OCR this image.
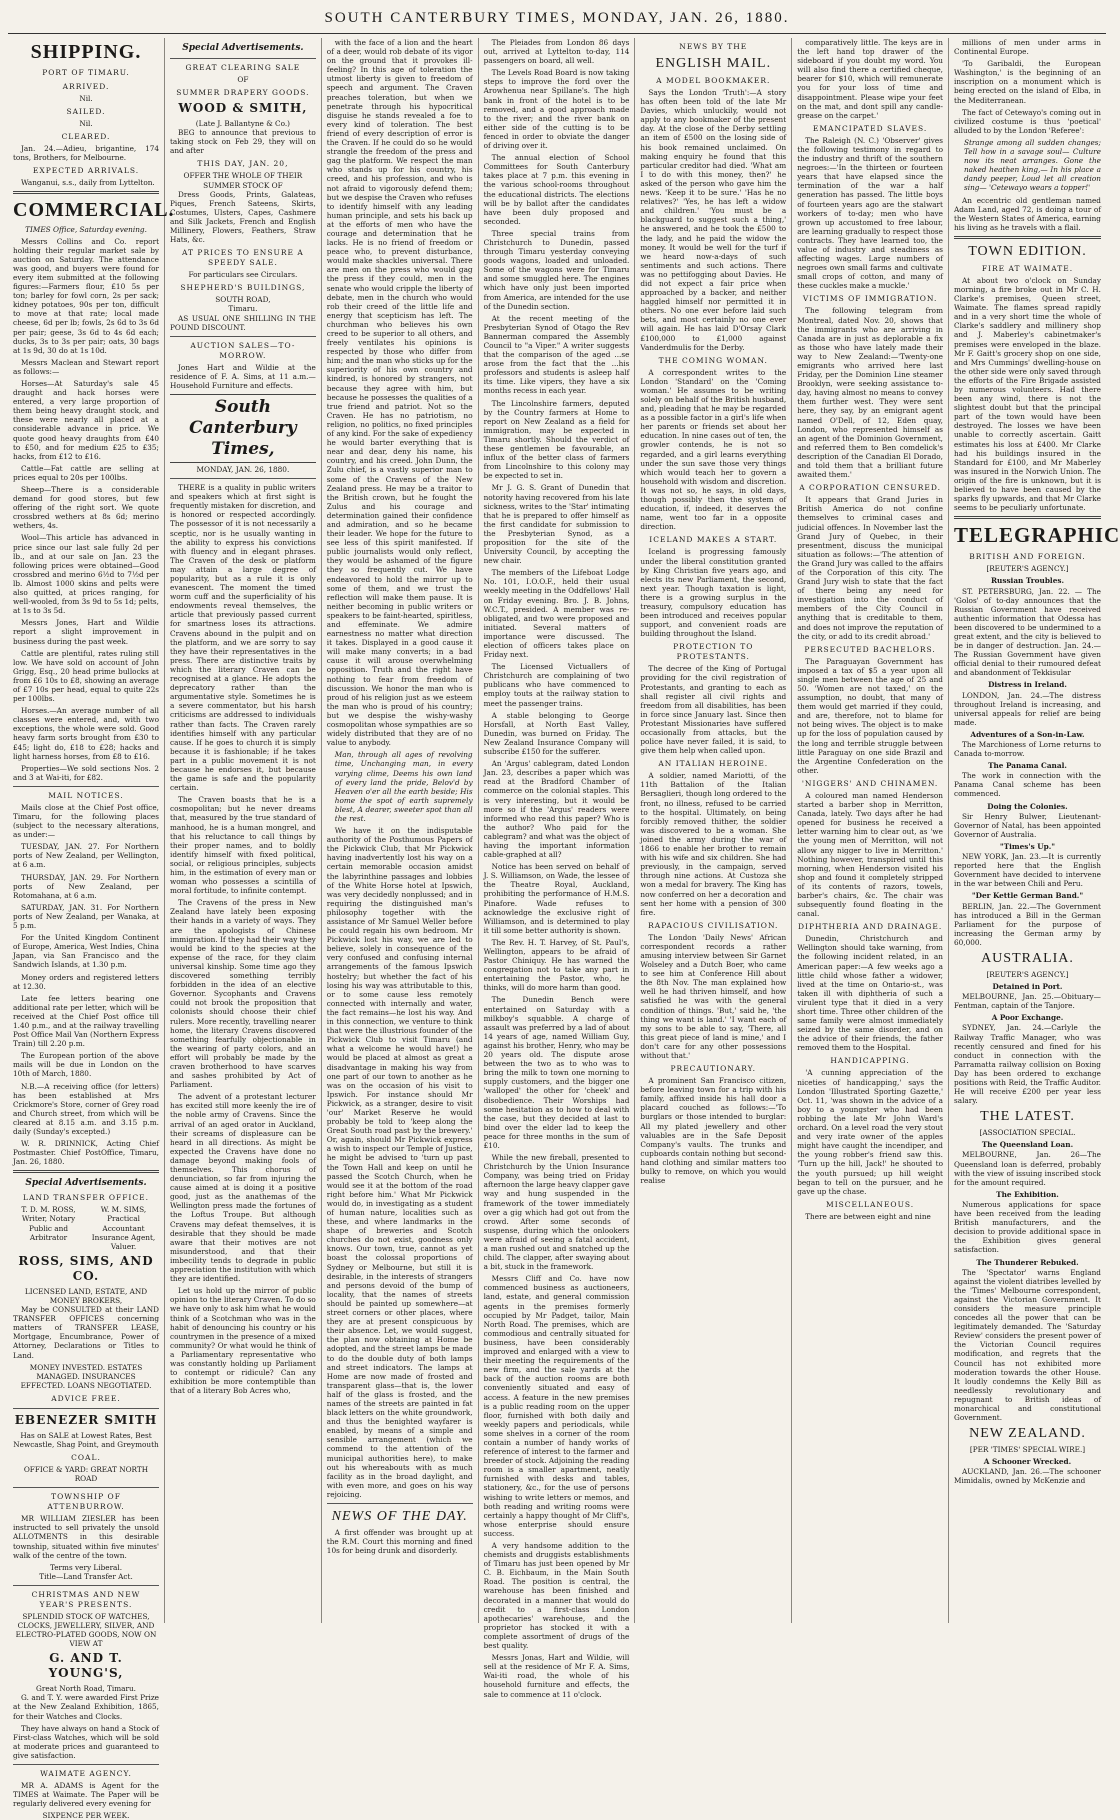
SOUTH CANTERBURY TIMES, MONDAY, JAN. 26, 1880.
SHIPPING.
PORT OF TIMARU.
ARRIVED.
Nil.
SAILED.
Nil.
CLEARED.

Jan. 24.—Adieu, brigantine, 174 tons, Brothers, for Melbourne.

EXPECTED ARRIVALS.

Wanganui, s.s., daily from Lyttelton.

COMMERCIAL.
TIMES Office, Saturday evening.

Messrs Collins and Co. report holding their regular market sale by auction on Saturday. The attendance was good, and buyers were found for every item submitted at the following figures:—Farmers flour, £10 5s per ton; barley for fowl corn, 2s per sack; kidney potatoes, 90s per ton, difficult to move at that rate; local made cheese, 6d per lb; fowls, 2s 6d to 3s 6d per pair; geese, 3s 6d to 4s 6d each; ducks, 3s to 3s per pair; oats, 30 bags at 1s 9d, 30 do at 1s 10d.

Messrs Maclean and Stewart report as follows:—

Horses—At Saturday's sale 45 draught and hack horses were entered, a very large proportion of them being heavy draught stock, and these were nearly all placed at a considerable advance in price. We quote good heavy draughts from £40 to £50, and for medium £25 to £35; hacks, from £12 to £16.

Cattle—Fat cattle are selling at prices equal to 20s per 100lbs.

Sheep—There is a considerable demand for good stores, but few offering of the right sort. We quote crossbred wethers at 8s 6d; merino wethers, 4s.

Wool—This article has advanced in price since our last sale fully 2d per lb., and at our sale on Jan. 23 the following prices were obtained—Good crossbred and merino 6½d to 7½d per lb. Almost 1000 skins and pelts were also quitted, at prices ranging, for well-wooled, from 3s 9d to 5s 1d; pelts, at 1s to 3s 5d.

Messrs Jones, Hart and Wildie report a slight improvement in business during the past week.

Cattle are plentiful, rates ruling still low. We have sold on account of John Grigg, Esq., 20 head prime bullocks at from £6 10s to £8, showing an average of £7 10s per head, equal to quite 22s per 100lbs.

Horses.—An average number of all classes were entered, and, with two exceptions, the whole were sold. Good heavy farm sorts brought from £30 to £45; light do, £18 to £28; hacks and light harness horses, from £8 to £16.

Properties—We sold sections Nos. 2 and 3 at Wai-iti, for £82.

MAIL NOTICES.

Mails close at the Chief Post office, Timaru, for the following places (subject to the necessary alterations, as under:—

TUESDAY, JAN. 27. For Northern ports of New Zealand, per Wellington, at 6 a.m.

THURSDAY, JAN. 29. For Northern ports of New Zealand, per Rotomahana, at 6 a.m.

SATURDAY, JAN. 31. For Northern ports of New Zealand, per Wanaka, at 5 p.m.

For the United Kingdom Continent of Europe, America, West Indies, China Japan, via San Francisco and the Sandwich Islands, at 1.30 p.m.

Money orders and registered letters at 12.30.

Late fee letters bearing one additional rate per letter, which will be received at the Chief Post office till 1.40 p.m., and at the railway travelling Post Office Mail Van (Northern Express Train) till 2.20 p.m.

The European portion of the above mails will be due in London on the 10th of March, 1880.

N.B.—A receiving office (for letters) has been established at Mrs Crickmore's Store, corner of Grey road and Church street, from which will be cleared at 8.15 a.m. and 3.15 p.m. daily (Sunday's excepted.)

W. R. DRINNICK, Acting Chief Postmaster. Chief PostOffice, Timaru, Jan. 26, 1880.

Special Advertisements.
LAND TRANSFER OFFICE.
T. D. M. ROSS, Writer, Notary Public and Arbitrator
W. M. SIMS, Practical Accountant Insurance Agent, Valuer.
ROSS, SIMS, AND CO.
LICENSED LAND, ESTATE, AND MONEY BROKERS,

May be CONSULTED at their LAND TRANSFER OFFICES concerning matters of TRANSFER LEASE, Mortgage, Encumbrance, Power of Attorney, Declarations or Titles to Land.

MONEY INVESTED. ESTATES MANAGED. INSURANCES EFFECTED. LOANS NEGOTIATED.
ADVICE FREE.
EBENEZER SMITH
Has on SALE at Lowest Rates, Best Newcastle, Shag Point, and Greymouth
COAL.
OFFICE & YARD: GREAT NORTH ROAD
TOWNSHIP OF ATTENBURROW.

MR WILLIAM ZIESLER has been instructed to sell privately the unsold ALLOTMENTS in this desirable township, situated within five minutes' walk of the centre of the town.

Terms very Liberal.
Title—Land Transfer Act.
CHRISTMAS AND NEW YEAR'S PRESENTS.
SPLENDID STOCK OF WATCHES, CLOCKS, JEWELLERY, SILVER, AND ELECTRO-PLATED GOODS, NOW ON VIEW AT
G. AND T. YOUNG'S,
Great North Road, Timaru.

G. and T. Y. were awarded First Prize at the New Zealand Exhibition, 1865, for their Watches and Clocks.

They have always on hand a Stock of First-class Watches, which will be sold at moderate prices and guaranteed to give satisfaction.

WAIMATE AGENCY.

MR A. ADAMS is Agent for the TIMES at Waimate. The Paper will be regularly delivered every evening for

SIXPENCE PER WEEK.
Special Advertisements.
GREAT CLEARING SALE
OF
SUMMER DRAPERY GOODS.
WOOD & SMITH,
(Late J. Ballantyne & Co.)

BEG to announce that previous to taking stock on Feb 29, they will on and after

THIS DAY, JAN. 20,
OFFER THE WHOLE OF THEIR SUMMER STOCK OF

Dress Goods, Prints, Galateas, Piques, French Sateens, Skirts, Costumes, Ulsters, Capes, Cashmere and Silk Jackets, French and English Millinery, Flowers, Feathers, Straw Hats, &c.

AT PRICES TO ENSURE A SPEEDY SALE.
For particulars see Circulars.
SHEPHERD'S BUILDINGS,
SOUTH ROAD,
Timaru.

AS USUAL ONE SHILLING IN THE POUND DISCOUNT.

AUCTION SALES—TO-MORROW.

Jones Hart and Wildie at the residence of F. A. Sims, at 11 a.m.—Household Furniture and effects.

South Canterbury Times,
MONDAY, JAN. 26, 1880.

THERE is a quality in public writers and speakers which at first sight is frequently mistaken for discretion, and is honored or respected accordingly. The possessor of it is not necessarily a sceptic, nor is he usually wanting in the ability to express his convictions with fluency and in elegant phrases. The Craven of the desk or platform may attain a large degree of popularity, but as a rule it is only evanescent. The moment the timed worm cuff and the superficiality of his endowments reveal themselves, the article that previously passed current for smartness loses its attractions. Cravens abound in the pulpit and on the platform, and we are sorry to say they have their representatives in the press. There are distinctive traits by which the literary Craven can be recognised at a glance. He adopts the deprecatory rather than the argumentative style. Sometimes he is a severe commentator, but his harsh criticisms are addressed to individuals rather than facts. The Craven rarely identifies himself with any particular cause. If he goes to church it is simply because it is fashionable; if he takes part in a public movement it is not because he endorses it, but because the game is safe and the popularity certain.

The Craven boasts that he is a cosmopolitan; but he never dreams that, measured by the true standard of manhood, he is a human mongrel, and that his reluctance to call things by their proper names, and to boldly identify himself with fixed political, social, or religious principles, subjects him, in the estimation of every man or woman who possesses a scintilla of moral fortitude, to infinite contempt.

The Cravens of the press in New Zealand have lately been exposing their hands in a variety of ways. They are the apologists of Chinese immigration. If they had their way they would be kind to the species at the expense of the race, for they claim universal kinship. Some time ago they discovered something terribly forbidden in the idea of an elective Governor. Sycophants and Cravens could not brook the proposition that colonists should choose their chief rulers. More recently, travelling nearer home, the literary Cravens discovered something fearfully objectionable in the wearing of party colors, and an effort will probably be made by the craven brotherhood to have scarves and sashes prohibited by Act of Parliament.

The advent of a protestant lecturer has excited still more keenly the ire of the noble army of Cravens. Since the arrival of an aged orator in Auckland, their screams of displeasure can be heard in all directions. As might be expected the Cravens have done no damage beyond making fools of themselves. This chorus of denunciation, so far from injuring the cause aimed at is doing it a positive good, just as the anathemas of the Wellington press made the fortunes of the Loftus Troupe. But although Cravens may defeat themselves, it is desirable that they should be made aware that their motives are not misunderstood, and that their imbecility tends to degrade in public appreciation the institution with which they are identified.

Let us hold up the mirror of public opinion to the literary Craven. To do so we have only to ask him what he would think of a Scotchman who was in the habit of denouncing his country or his countrymen in the presence of a mixed community? Or what would he think of a Parliamentary representative who was constantly holding up Parliament to contempt or ridicule? Can any exhibition be more contemptible than that of a literary Bob Acres who,

with the face of a lion and the heart of a deer, would rob debate of its vigor on the ground that it provokes ill-feeling? In this age of toleration the utmost liberty is given to freedom of speech and argument. The Craven preaches toleration, but when we penetrate through his hypocritical disguise he stands revealed a foe to every kind of toleration. The best friend of every description of error is the Craven. If he could do so he would strangle the freedom of the press and gag the platform. We respect the man who stands up for his country, his creed, and his profession, and who is not afraid to vigorously defend them; but we despise the Craven who refuses to identify himself with any leading human principle, and sets his back up at the efforts of men who have the courage and determination that he lacks. He is no friend of freedom or peace who, to prevent disturbance, would make shackles universal. There are men on the press who would gag the press if they could, men in the senate who would cripple the liberty of debate, men in the church who would rob their creed of the little life and energy that scepticism has left. The churchman who believes his own creed to be superior to all others, and freely ventilates his opinions is respected by those who differ from him; and the man who sticks up for the superiority of his own country and kindred, is honored by strangers, not because they agree with him, but because he possesses the qualities of a true friend and patriot. Not so the Craven. He has no patriotism, no religion, no politics, no fixed principles of any kind. For the sake of expediency he would barter everything that is near and dear, deny his name, his country, and his creed. John Dunn, the Zulu chief, is a vastly superior man to some of the Cravens of the New Zealand press. He may be a traitor to the British crown, but he fought the Zulus and his courage and determination gained their confidence and admiration, and so he became their leader. We hope for the future to see less of this spirit manifested. If public journalists would only reflect, they would be ashamed of the figure they so frequently cut. We have endeavored to hold the mirror up to some of them, and we trust the reflection will make them pause. It is neither becoming in public writers or speakers to be faint-hearted, spiritless, and effeminate. We admire earnestness no matter what direction it takes. Displayed in a good cause it will make many converts; in a bad cause it will arouse overwhelming opposition. Truth and the right have nothing to fear from freedom of discussion. We honor the man who is proud of his religion just as we esteem the man who is proud of his country; but we despise the wishy-washy cosmopolitan whose sympathies are so widely distributed that they are of no value to anybody.

Man, through all ages of revolving time, Unchanging man, in every varying clime, Deems his own land of every land the pride, Belov'd by Heaven o'er all the earth beside; His home the spot of earth supremely blest, A dearer, sweeter spot than all the rest.

We have it on the indisputable authority of the Posthumous Papers of the Pickwick Club, that Mr Pickwick having inadvertently lost his way on a certain memorable occasion amidst the labyrinthine passages and lobbies of the White Horse hotel at Ipswich, was very decidedly nonplussed; and in requiring the distinguished man's philosophy together with the assistance of Mr Samuel Weller before he could regain his own bedroom. Mr Pickwick lost his way, we are led to believe, solely in consequence of the very confused and confusing internal arrangements of the famous Ipswich hostelry; but whether the fact of his losing his way was attributable to this, or to some cause less remotely connected with internally and water, the fact remains—he lost his way. And in this connection, we venture to think that were the illustrious founder of the Pickwick Club to visit Timaru (and what a welcome he would have!) he would be placed at almost as great a disadvantage in making his way from one part of our town to another as he was on the occasion of his visit to Ipswich. For instance should Mr Pickwick, as a stranger, desire to visit 'our' Market Reserve he would probably be told to 'keep along the Great South road past by the brewery.' Or, again, should Mr Pickwick express a wish to inspect our Temple of Justice, he might be advised to 'turn up past the Town Hall and keep on until he passed the Scotch Church, when he would see it at the bottom of the road right before him.' What Mr Pickwick would do, in investigating as a student of human nature, localities such as these, and where landmarks in the shape of breweries and Scotch churches do not exist, goodness only knows. Our town, true, cannot as yet boast the colossal proportions of Sydney or Melbourne, but still it is desirable, in the interests of strangers and persons devoid of the bump of locality, that the names of streets should be painted up somewhere—at street corners or other places, where they are at present conspicuous by their absence. Let, we would suggest, the plan now obtaining at Home be adopted, and the street lamps be made to do the double duty of both lamps and street indicators. The lamps at Home are now made of frosted and transparent glass—that is, the lower half of the glass is frosted, and the names of the streets are painted in fat black letters on the white groundwork, and thus the benighted wayfarer is enabled, by means of a simple and sensible arrangement (which we commend to the attention of the municipal authorities here), to make out his whereabouts with as much facility as in the broad daylight, and with even more, and goes on his way rejoicing.

NEWS OF THE DAY.

A first offender was brought up at the R.M. Court this morning and fined 10s for being drunk and disorderly.

The Pleiades from London 86 days out, arrived at Lyttelton to-day, 114 passengers on board, all well.

The Levels Road Board is now taking steps to improve the ford over the Arowhenua near Spillane's. The high bank in front of the hotel is to be removed, and a good approach made to the river; and the river bank on either side of the cutting is to be fenced in order to obviate the danger of driving over it.

The annual election of School Committees for South Canterbury takes place at 7 p.m. this evening in the various school-rooms throughout the educational districts. The elections will be by ballot after the candidates have been duly proposed and seconded.

Three special trains from Christchurch to Dunedin, passed through Timaru yesterday conveying goods wagons, loaded and unloaded. Some of the wagons were for Timaru and some smuggled here. The engines which have only just been imported from America, are intended for the use of the Dunedin section.

At the recent meeting of the Presbyterian Synod of Otago the Rev Bannerman compared the Assembly Council to "a Viper." A writer suggests that the comparison of the aged ...se arose from the fact that the ...his professors and students is asleep half its time. Like vipers, they have a six months recess in each year.

The Lincolnshire farmers, deputed by the Country farmers at Home to report on New Zealand as a field for immigration, may be expected in Timaru shortly. Should the verdict of these gentlemen be favourable, an influx of the better class of farmers from Lincolnshire to this colony may be expected to set in.

Mr J. G. S. Grant of Dunedin that notority having recovered from his late sickness, writes to the 'Star' intimating that he is prepared to offer himself as the first candidate for submission to the Presbyterian Synod, as a proposition for the site of the University Council, by accepting the new chair.

The members of the Lifeboat Lodge No. 101, I.O.O.F., held their usual weekly meeting in the Oddfellows' Hall on Friday evening. Bro. J. B. Johns, W.C.T., presided. A member was re-obligated, and two were proposed and initiated. Several matters of importance were discussed. The election of officers takes place on Friday next.

The Licensed Victuallers of Christchurch are complaining of two publicans who have commenced to employ touts at the railway station to meet the passenger trains.

A stable belonging to George Horsfall, at North East Valley, Dunedin, was burned on Friday. The New Zealand Insurance Company will subscribe £150 for the sufferer.

An 'Argus' cablegram, dated London Jan. 23, describes a paper which was read at the Bradford Chamber of commerce on the colonial staples. This is very interesting, but it would be more so if the 'Argus' readers were informed who read this paper? Who is the author? Who paid for the cablegram? and what was the object of having the important information cable-graphed at all?

Notice has been served on behalf of J. S. Williamson, on Wade, the lessee of the Theatre Royal, Auckland, prohibiting the performance of H.M.S. Pinafore. Wade refuses to acknowledge the exclusive right of Williamson, and is determined to play it till some better authority is shown.

The Rev. H. T. Harvey, of St. Paul's, Wellington, appears to be afraid of Pastor Chiniquy. He has warned the congregation not to take any part in entertaining the Pastor, who, he thinks, will do more harm than good.

The Dunedin Bench were entertained on Saturday with a milkboy's squabble. A charge of assault was preferred by a lad of about 14 years of age, named William Guy, against his brother, Henry, who may be 20 years old. The dispute arose between the two as to who was to bring the milk to town one morning to supply customers, and the bigger one 'walloped' the other for 'cheek' and disobedience. Their Worships had some hesitation as to how to deal with the case, but they decided at last to bind over the elder lad to keep the peace for three months in the sum of £10.

While the new fireball, presented to Christchurch by the Union Insurance Company, was being tried on Friday afternoon the large heavy clapper gave way and hung suspended in the framework of the tower immediately over a gig which had got out from the crowd. After some seconds of suspense, during which the onlookers were afraid of seeing a fatal accident, a man rushed out and snatched up the child. The clapper, after swaying about a bit, stuck in the framework.

Messrs Cliff and Co. have now commenced business as auctioneers, land, estate, and general commission agents in the premises formerly occupied by Mr Padget, tailor, Main North Road. The premises, which are commodious and centrally situated for business, have been considerably improved and enlarged with a view to their meeting the requirements of the new firm, and the sale yards at the back of the auction rooms are both conveniently situated and easy of access. A feature in the new premises is a public reading room on the upper floor, furnished with both daily and weekly papers and periodicals, while some shelves in a corner of the room contain a number of handy works of reference of interest to the farmer and breeder of stock. Adjoining the reading room is a smaller apartment, neatly furnished with desks and tables, stationery, &c., for the use of persons wishing to write letters or memos, and both reading and writing rooms were certainly a happy thought of Mr Cliff's, whose enterprise should ensure success.

A very handsome addition to the chemists and druggists establishments of Timaru has just been opened by Mr C. B. Eichbaum, in the Main South Road. The position is central, the warehouse has been finished and decorated in a manner that would do credit to a first-class London apothecaries' warehouse, and the proprietor has stocked it with a complete assortment of drugs of the best quality.

Messrs Jonas, Hart and Wildie, will sell at the residence of Mr F. A. Sims, Wai-iti road, the whole of his household furniture and effects, the sale to commence at 11 o'clock.

NEWS BY THE
ENGLISH MAIL.
A MODEL BOOKMAKER.

Says the London 'Truth':—A story has often been told of the late Mr Davies, which unluckily, would not apply to any bookmaker of the present day. At the close of the Derby settling an item of £500 on the losing side of his book remained unclaimed. On making enquiry he found that this particular creditor had died. 'What am I to do with this money, then?' he asked of the person who gave him the news. 'Keep it to be sure.' 'Has he no relatives?' 'Yes, he has left a widow and children.' 'You must be a blackguard to suggest such a thing,' he answered, and he took the £500 to the lady, and he paid the widow the money. It would be well for the turf if we heard now-a-days of such sentiments and such actions. There was no pettifogging about Davies. He did not expect a fair price when approached by a backer, and neither haggled himself nor permitted it in others. No one ever before laid such bets, and most certainly no one ever will again. He has laid D'Orsay Clark £100,000 to £1,000 against Vanderdmulis for the Derby.

THE COMING WOMAN.

A correspondent writes to the London 'Standard' on the 'Coming woman.' He assumes to be writing solely on behalf of the British husband, and, pleading that he may be regarded as a possible factor in a girl's life when her parents or friends set about her education. In nine cases out of ten, the growler contends, he is not so regarded, and a girl learns everything under the sun save those very things which would teach her to govern a household with wisdom and discretion. It was not so, he says, in old days, though possibly then the system of education, if, indeed, it deserves the name, went too far in a opposite direction.

ICELAND MAKES A START.

Iceland is progressing famously under the liberal constitution granted by King Christian five years ago, and elects its new Parliament, the second, next year. Though taxation is light, there is a growing surplus in the treasury, compulsory education has been introduced and receives popular support, and convenient roads are building throughout the Island.

PROTECTION TO PROTESTANTS.

The decree of the King of Portugal providing for the civil registration of Protestants, and granting to each as shall register all civil rights and freedom from all disabilities, has been in force since January last. Since then Protestant Missionaries have suffered occasionally from attacks, but the police have never failed, it is said, to give them help when called upon.

AN ITALIAN HEROINE.

A soldier, named Mariotti, of the 11th Battalion of the Italian Bersaglieri, though long ordered to the front, no illness, refused to be carried to the hospital. Ultimately, on being forcibly removed thither, the soldier was discovered to be a woman. She joined the army during the war of 1866 to enable her brother to remain with his wife and six children. She had previously, in the campaign, served through nine actions. At Custoza she won a medal for bravery. The King has now conferred on her a decoration and sent her home with a pension of 300 fire.

RAPACIOUS CIVILISATION.

The London 'Daily News' African correspondent records a rather amusing interview between Sir Garnet Wolseley and a Dutch Boer, who came to see him at Conference Hill about the 8th Nov. The man explained how well he had thriven himself, and how satisfied he was with the general condition of things. 'But,' said he, 'the thing we want is land.' 'I want each of my sons to be able to say, 'There, all this great piece of land is mine,' and I don't care for any other possessions without that.'

PRECAUTIONARY.

A prominent San Francisco citizen, before leaving town for a trip with his family, affixed inside his hall door a placard couched as follows:—'To burglars or those intended to burglar: All my plated jewellery and other valuables are in the Safe Deposit Company's vaults. The trunks and cupboards contain nothing but second-hand clothing and similar matters too bulky to remove, on which you would realise

comparatively little. The keys are in the left hand top drawer of the sideboard if you doubt my word. You will also find there a certified cheque, bearer for $10, which will remunerate you for your loss of time and disappointment. Please wipe your feet on the mat, and dont spill any candle-grease on the carpet.'

EMANCIPATED SLAVES.

The Raleigh (N. C.) 'Observer' gives the following testimony in regard to the industry and thrift of the southern negroes:—'In the thirteen or fourteen years that have elapsed since the termination of the war a half generation has passed. The little boys of fourteen years ago are the stalwart workers of to-day; men who have grown up accustomed to free labour, are learning gradually to respect those contracts. They have learned too, the value of industry and steadiness as affecting wages. Large numbers of negroes own small farms and cultivate small crops of cotton, and many of these cuckles make a muckle.'

VICTIMS OF IMMIGRATION.

The following telegram from Montreal, dated Nov. 20, shows that the immigrants who are arriving in Canada are in just as deplorable a fix as those who have lately made their way to New Zealand:—'Twenty-one emigrants who arrived here last Friday, per the Dominion Line steamer Brooklyn, were seeking assistance to-day, having almost no means to convey them further west. They were sent here, they say, by an emigrant agent named O'Dell, of 12, Eden quay, London, who represented himself as an agent of the Dominion Government, and referred them to Ben comdelick's description of the Canadian El Dorado, and told them that a brilliant future awaited them.'

A CORPORATION CENSURED.

It appears that Grand Juries in British America do not confine themselves to criminal cases and judicial offences. In November last the Grand Jury of Quebec, in their presentment, discuss the municipal situation as follows:—'The attention of the Grand Jury was called to the affairs of the Corporation of this city. The Grand Jury wish to state that the fact of there being any need for investigation into the conduct of members of the City Council in anything that is creditable to them, and does not improve the reputation of the city, or add to its credit abroad.'

PERSECUTED BACHELORS.

The Paraguayan Government has imposed a tax of $5 a year upon all single men between the age of 25 and 50. 'Women are not taxed,' on the assumption, no doubt, that many of them would get married if they could, and are, therefore, not to blame for not being wives. The object is to make up for the loss of population caused by the long and terrible struggle between little Paraguay on one side Brazil and the Argentine Confederation on the other.

'NIGGERS' AND CHINAMEN.

A coloured man named Henderson started a barber shop in Merritton, Canada, lately. Two days after he had opened for business he received a letter warning him to clear out, as 'we the young men of Merritton, will not allow any nigger to live in Merritton.' Nothing however, transpired until this morning, when Henderson visited his shop and found it completely stripped of its contents of razors, towels, barber's chairs, &c. The chair was subsequently found floating in the canal.

DIPHTHERIA AND DRAINAGE.

Dunedin, Christchurch and Wellington should take warning, from the following incident related, in an American paper:—A few weeks ago a little child whose father a widower, lived at the time on Ontario-st., was taken ill with diphtheria of such a virulent type that it died in a very short time. Three other children of the same family were almost immediately seized by the same disorder, and on the advice of their friends, the father removed them to the Hospital.

HANDICAPPING.

'A cunning appreciation of the niceties of handicapping,' says the London 'Illustrated Sporting Gazette,' Oct. 11, 'was shown in the advice of a boy to a youngster who had been robbing the late Mr John Ward's orchard. On a level road the very stout and very irate owner of the apples might have caught the incendiper, and the young robber's friend saw this. 'Turn up the hill, Jack!' he shouted to the youth pursued; up hill weight began to tell on the pursuer, and he gave up the chase.

MISCELLANEOUS.

There are between eight and nine

millions of men under arms in Continental Europe.

'To Garibaldi, the European Washington,' is the beginning of an inscription on a monument which is being erected on the island of Elba, in the Mediterranean.

The fact of Cetewayo's coming out in civilized costume is thus 'poetical' alluded to by the London 'Referee':

Strange among all sudden changes; Tell how in a savage soul— Culture now its neat arranges. Gone the naked heathen king,— In his place a dandy peeper, Loud let all creation sing— 'Cetewayo wears a topper!'

An eccentric old gentleman named Adam Land, aged 72, is doing a tour of the Western States of America, earning his living as he travels with a flail.

TOWN EDITION.
FIRE AT WAIMATE.

At about two o'clock on Sunday morning, a fire broke out in Mr C. H. Clarke's premises, Queen street, Waimate. The flames spread rapidly and in a very short time the whole of Clarke's saddlery and millinery shop and J. Maberley's cabinetmaker's premises were enveloped in the blaze. Mr F. Gaitt's grocery shop on one side, and Mrs Cummings' dwelling-house on the other side were only saved through the efforts of the Fire Brigade assisted by numerous volunteers. Had there been any wind, there is not the slightest doubt but that the principal part of the town would have been destroyed. The losses we have been unable to correctly ascertain. Gaitt estimates his loss at £400. Mr Clarke had his buildings insured in the Standard for £100, and Mr Maberley was insured in the Norwich Union. The origin of the fire is unknown, but it is believed to have been caused by the sparks fly upwards, and that Mr Clarke seems to be peculiarly unfortunate.

TELEGRAPHIC
BRITISH AND FOREIGN.
[REUTER'S AGENCY.]
Russian Troubles.

ST. PETERSBURG, Jan. 22. — The 'Golos' of to-day announces that the Russian Government have received authentic information that Odessa has been discovered to be undermined to a great extent, and the city is believed to be in danger of destruction. Jan. 24.—The Russian Government have given official denial to their rumoured defeat and abandonment of Tekkisular

Distress in Ireland.

LONDON, Jan. 24.—The distress throughout Ireland is increasing, and universal appeals for relief are being made.

Adventures of a Son-in-Law.

The Marchioness of Lorne returns to Canada to-morrow.

The Panama Canal.

The work in connection with the Panama Canal scheme has been commenced.

Doing the Colonies.

Sir Henry Bulwer, Lieutenant-Governor of Natal, has been appointed Governor of Australia.

"Times's Up."

NEW YORK, Jan. 23.—It is currently reported here that the English Government have decided to intervene in the war between Chili and Peru.

"Der Kettle German Band."

BERLIN, Jan. 22.—The Government has introduced a Bill in the German Parliament for the purpose of increasing the German army by 60,000.

AUSTRALIA.
[REUTER'S AGENCY.]
Detained in Port.

MELBOURNE, Jan. 25.—Obituary—Fentman, captain of the Tanjore.

A Poor Exchange.

SYDNEY, Jan. 24.—Carlyle the Railway Traffic Manager, who was recently censured and fined for his conduct in connection with the Parramatta railway collision on Boxing Day has been ordered to exchange positions with Reid, the Traffic Auditor. He will receive £200 per year less salary.

THE LATEST.
[ASSOCIATION SPECIAL.
The Queensland Loan.

MELBOURNE, Jan. 26—The Queensland loan is deferred, probably with the view of issuing inscribed stock for the amount required.

The Exhibition.

Numerous applications for space have been received from the leading British manufacturers, and the decision to provide additional space in the Exhibition gives general satisfaction.

The Thunderer Rebuked.

The 'Spectator' warns England against the violent diatribes levelled by the 'Times' Melbourne correspondent, against the Victorian Government. It considers the measure principle concedes all the power that can be legitimately demanded. The 'Saturday Review' considers the present power of the Victorian Council requires modification, and regrets that the Council has not exhibited more moderation towards the other House. It loudly condemns the Kelly Bill as needlessly revolutionary and repugnant to British ideas of monarchical and constitutional Government.

NEW ZEALAND.
[PER 'TIMES' SPECIAL WIRE.]
A Schooner Wrecked.

AUCKLAND, Jan. 26.—The schooner Mimidalis, owned by McKenzie and
